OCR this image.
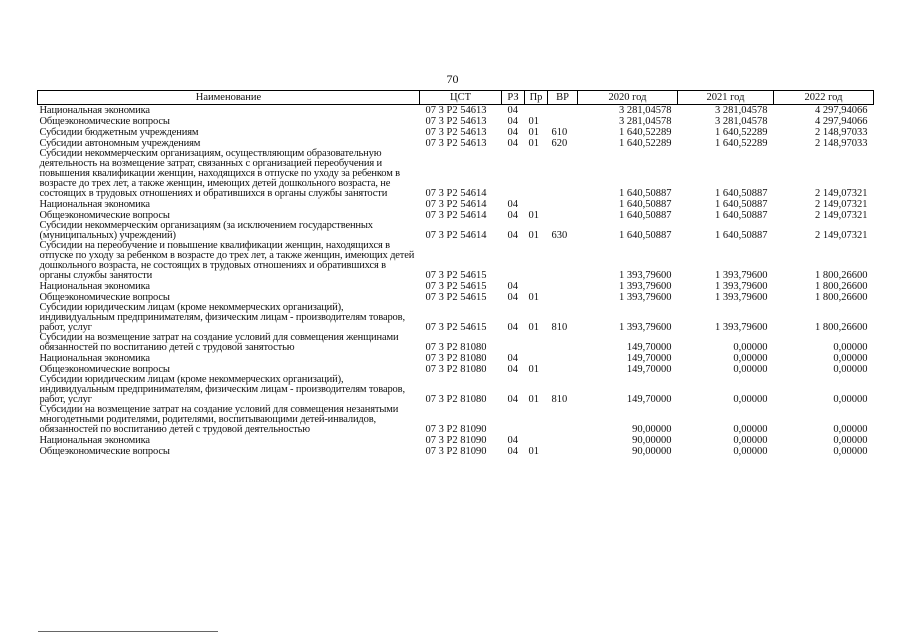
70
Наименование	ЦСТ	РЗ	Пр	ВР	2020 год	2021 год	2022 год
Национальная экономика	07 3 Р2 54613	04			3 281,04578	3 281,04578	4 297,94066
Общеэкономические вопросы	07 3 Р2 54613	04	01		3 281,04578	3 281,04578	4 297,94066
Субсидии бюджетным учреждениям	07 3 Р2 54613	04	01	610	1 640,52289	1 640,52289	2 148,97033
Субсидии автономным учреждениям	07 3 Р2 54613	04	01	620	1 640,52289	1 640,52289	2 148,97033
Субсидии некоммерческим организациям, осуществляющим образовательную деятельность на возмещение затрат, связанных с организацией переобучения и повышения квалификации женщин, находящихся в отпуске по уходу за ребенком в возрасте до трех лет, а также женщин, имеющих детей дошкольного возраста, не состоящих в трудовых отношениях и обратившихся в органы службы занятости	07 3 Р2 54614				1 640,50887	1 640,50887	2 149,07321
Национальная экономика	07 3 Р2 54614	04			1 640,50887	1 640,50887	2 149,07321
Общеэкономические вопросы	07 3 Р2 54614	04	01		1 640,50887	1 640,50887	2 149,07321
Субсидии некоммерческим организациям (за исключением государственных (муниципальных) учреждений)	07 3 Р2 54614	04	01	630	1 640,50887	1 640,50887	2 149,07321
Субсидии на переобучение и повышение квалификации женщин, находящихся в отпуске по уходу за ребенком в возрасте до трех лет, а также женщин, имеющих детей дошкольного возраста, не состоящих в трудовых отношениях и обратившихся в органы службы занятости	07 3 Р2 54615				1 393,79600	1 393,79600	1 800,26600
Национальная экономика	07 3 Р2 54615	04			1 393,79600	1 393,79600	1 800,26600
Общеэкономические вопросы	07 3 Р2 54615	04	01		1 393,79600	1 393,79600	1 800,26600
Субсидии юридическим лицам (кроме некоммерческих организаций), индивидуальным предпринимателям, физическим лицам - производителям товаров, работ, услуг	07 3 Р2 54615	04	01	810	1 393,79600	1 393,79600	1 800,26600
Субсидии на возмещение затрат на создание условий для совмещения женщинами обязанностей по воспитанию детей с трудовой занятостью	07 3 Р2 81080				149,70000	0,00000	0,00000
Национальная экономика	07 3 Р2 81080	04			149,70000	0,00000	0,00000
Общеэкономические вопросы	07 3 Р2 81080	04	01		149,70000	0,00000	0,00000
Субсидии юридическим лицам (кроме некоммерческих организаций), индивидуальным предпринимателям, физическим лицам - производителям товаров, работ, услуг	07 3 Р2 81080	04	01	810	149,70000	0,00000	0,00000
Субсидии на возмещение затрат на создание условий для совмещения незанятыми многодетными родителями, родителями, воспитывающими детей-инвалидов, обязанностей по воспитанию детей с трудовой деятельностью	07 3 Р2 81090				90,00000	0,00000	0,00000
Национальная экономика	07 3 Р2 81090	04			90,00000	0,00000	0,00000
Общеэкономические вопросы	07 3 Р2 81090	04	01		90,00000	0,00000	0,00000
